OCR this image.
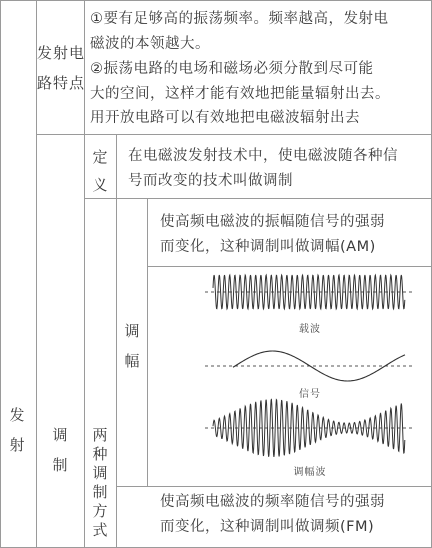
发射
发射电
路特点
①要有足够高的振荡频率。频率越高，发射电
磁波的本领越大。
②振荡电路的电场和磁场必须分散到尽可能
大的空间，这样才能有效地把能量辐射出去。
用开放电路可以有效地把电磁波辐射出去
调制
定义
在电磁波发射技术中，使电磁波随各种信
号而改变的技术叫做调制
两种调制方式
调幅
使高频电磁波的振幅随信号的强弱
而变化，这种调制叫做调幅(AM)
载波
信号
调幅波
使高频电磁波的频率随信号的强弱
而变化，这种调制叫做调频(FM)
